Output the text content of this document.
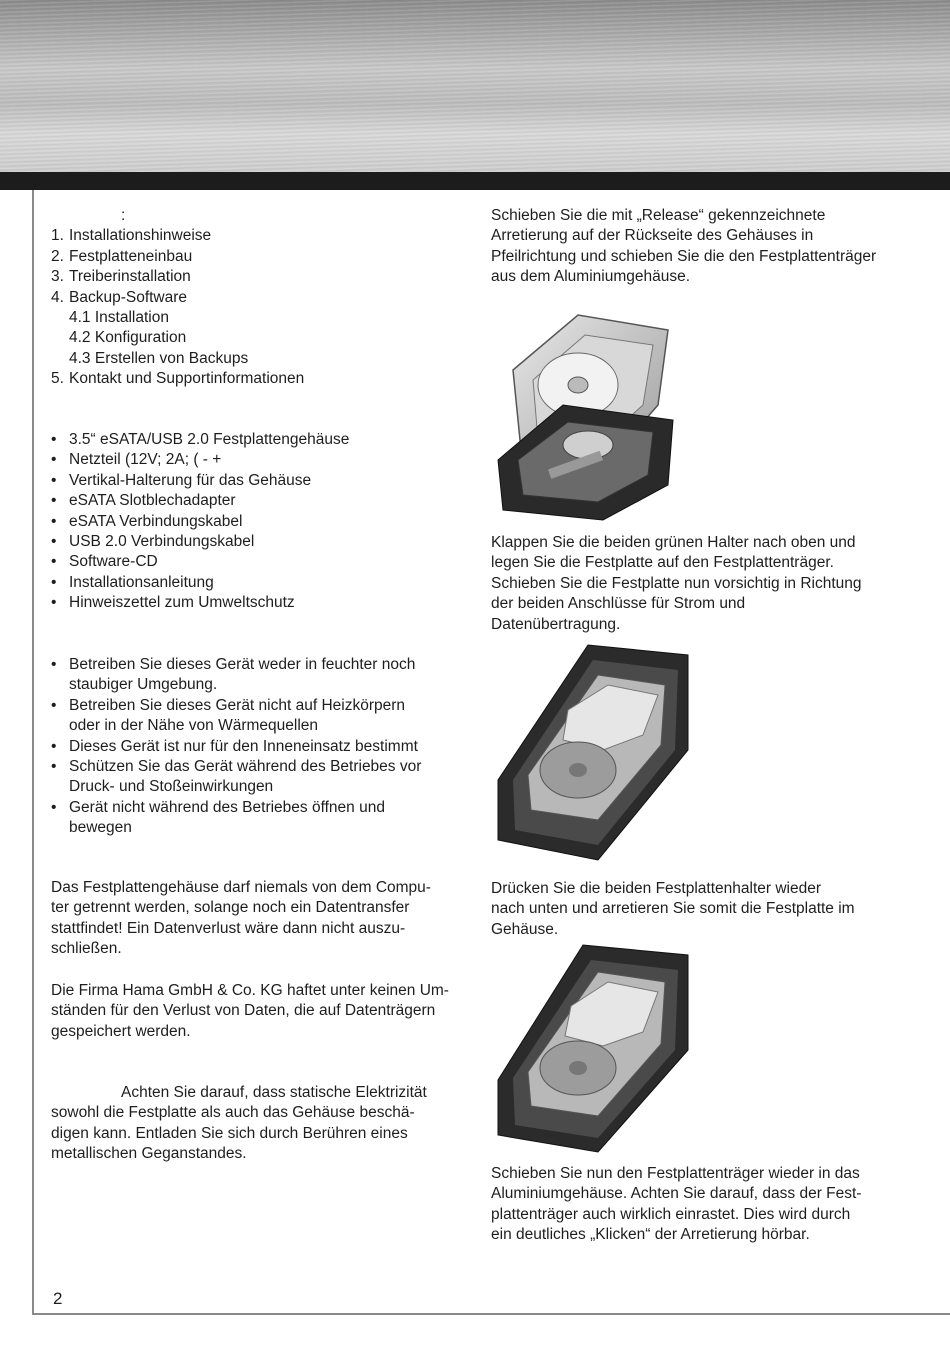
:
1. Installationshinweise
2. Festplatteneinbau
3. Treiberinstallation
4. Backup-Software
4.1 Installation
4.2 Konfiguration
4.3 Erstellen von Backups
5. Kontakt und Supportinformationen
• 3.5“ eSATA/USB 2.0 Festplattengehäuse
• Netzteil (12V; 2A; ( - +
• Vertikal-Halterung für das Gehäuse
• eSATA Slotblechadapter
• eSATA Verbindungskabel
• USB 2.0 Verbindungskabel
• Software-CD
• Installationsanleitung
• Hinweiszettel zum Umweltschutz
• Betreiben Sie dieses Gerät weder in feuchter noch
staubiger Umgebung.
• Betreiben Sie dieses Gerät nicht auf Heizkörpern
oder in der Nähe von Wärmequellen
• Dieses Gerät ist nur für den Inneneinsatz bestimmt
• Schützen Sie das Gerät während des Betriebes vor
Druck- und Stoßeinwirkungen
• Gerät nicht während des Betriebes öffnen und
bewegen

Das Festplattengehäuse darf niemals von dem Compu-

ter getrennt werden, solange noch ein Datentransfer

stattfindet! Ein Datenverlust wäre dann nicht auszu-

schließen.

Die Firma Hama GmbH & Co. KG haftet unter keinen Um-

ständen für den Verlust von Daten, die auf Datenträgern

gespeichert werden.

Achten Sie darauf, dass statische Elektrizität

sowohl die Festplatte als auch das Gehäuse beschä-

digen kann. Entladen Sie sich durch Berühren eines

metallischen Geganstandes.

Schieben Sie die mit „Release“ gekennzeichnete

Arretierung auf der Rückseite des Gehäuses in

Pfeilrichtung und schieben Sie die den Festplattenträger

aus dem Aluminiumgehäuse.

Klappen Sie die beiden grünen Halter nach oben und

legen Sie die Festplatte auf den Festplattenträger.

Schieben Sie die Festplatte nun vorsichtig in Richtung

der beiden Anschlüsse für Strom und

Datenübertragung.

Drücken Sie die beiden Festplattenhalter wieder

nach unten und arretieren Sie somit die Festplatte im

Gehäuse.

Schieben Sie nun den Festplattenträger wieder in das

Aluminiumgehäuse. Achten Sie darauf, dass der Fest-

plattenträger auch wirklich einrastet. Dies wird durch

ein deutliches „Klicken“ der Arretierung hörbar.

2
